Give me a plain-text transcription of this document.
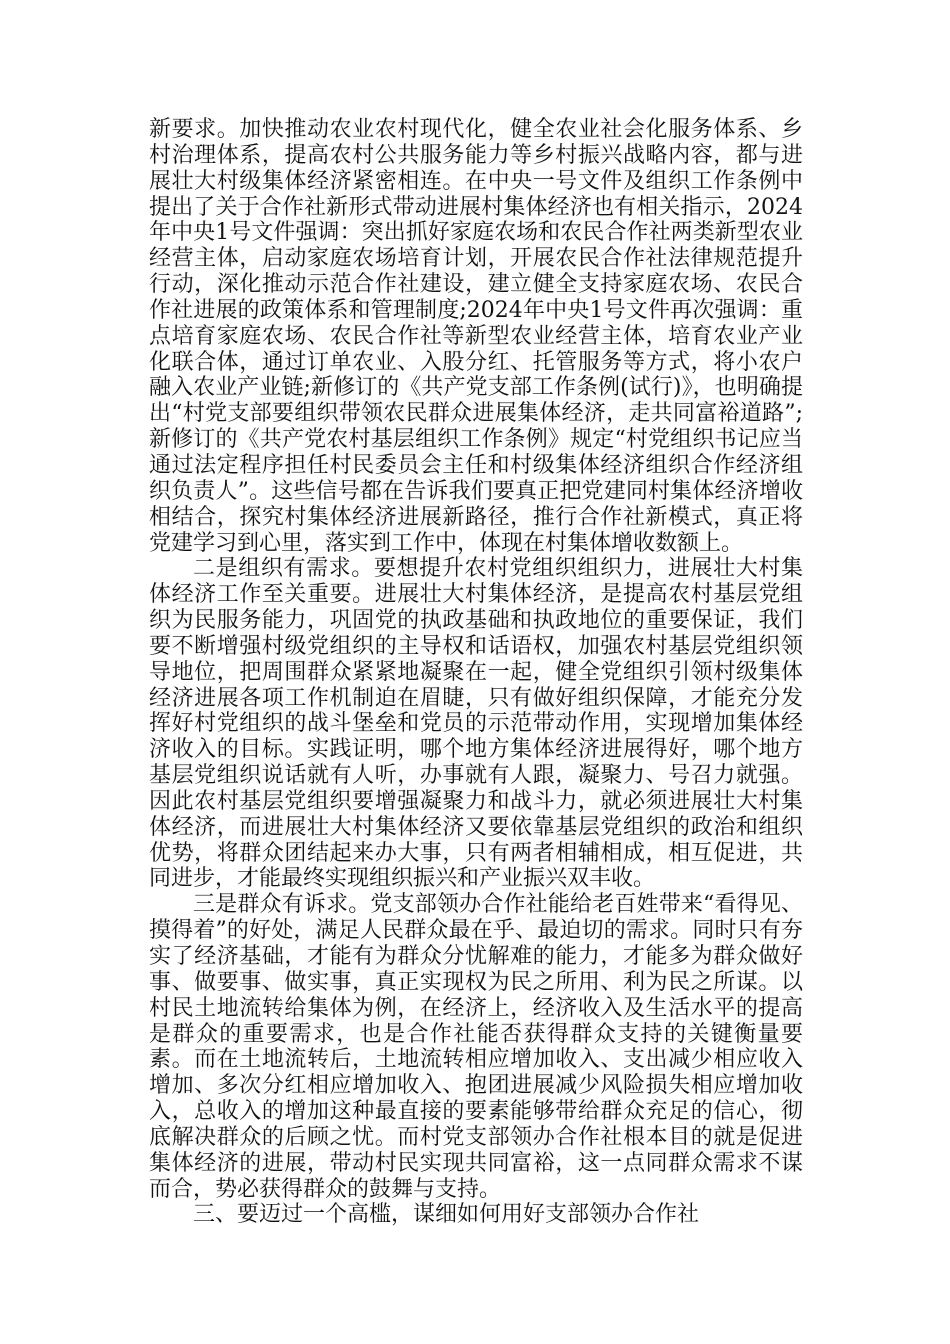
新要求。加快推动农业农村现代化，健全农业社会化服务体系、乡村治理体系，提高农村公共服务能力等乡村振兴战略内容，都与进展壮大村级集体经济紧密相连。在中央一号文件及组织工作条例中提出了关于合作社新形式带动进展村集体经济也有相关指示，2024年中央1号文件强调：突出抓好家庭农场和农民合作社两类新型农业经营主体，启动家庭农场培育计划，开展农民合作社法律规范提升行动，深化推动示范合作社建设，建立健全支持家庭农场、农民合作社进展的政策体系和管理制度;2024年中央1号文件再次强调：重点培育家庭农场、农民合作社等新型农业经营主体，培育农业产业化联合体，通过订单农业、入股分红、托管服务等方式，将小农户融入农业产业链;新修订的《共产党支部工作条例(试行)》，也明确提出“村党支部要组织带领农民群众进展集体经济，走共同富裕道路”;新修订的《共产党农村基层组织工作条例》规定“村党组织书记应当通过法定程序担任村民委员会主任和村级集体经济组织合作经济组织负责人”。这些信号都在告诉我们要真正把党建同村集体经济增收相结合，探究村集体经济进展新路径，推行合作社新模式，真正将党建学习到心里，落实到工作中，体现在村集体增收数额上。

二是组织有需求。要想提升农村党组织组织力，进展壮大村集体经济工作至关重要。进展壮大村集体经济，是提高农村基层党组织为民服务能力，巩固党的执政基础和执政地位的重要保证，我们要不断增强村级党组织的主导权和话语权，加强农村基层党组织领导地位，把周围群众紧紧地凝聚在一起，健全党组织引领村级集体经济进展各项工作机制迫在眉睫，只有做好组织保障，才能充分发挥好村党组织的战斗堡垒和党员的示范带动作用，实现增加集体经济收入的目标。实践证明，哪个地方集体经济进展得好，哪个地方基层党组织说话就有人听，办事就有人跟，凝聚力、号召力就强。因此农村基层党组织要增强凝聚力和战斗力，就必须进展壮大村集体经济，而进展壮大村集体经济又要依靠基层党组织的政治和组织优势，将群众团结起来办大事，只有两者相辅相成，相互促进，共同进步，才能最终实现组织振兴和产业振兴双丰收。

三是群众有诉求。党支部领办合作社能给老百姓带来“看得见、摸得着”的好处，满足人民群众最在乎、最迫切的需求。同时只有夯实了经济基础，才能有为群众分忧解难的能力，才能多为群众做好事、做要事、做实事，真正实现权为民之所用、利为民之所谋。以村民土地流转给集体为例，在经济上，经济收入及生活水平的提高是群众的重要需求，也是合作社能否获得群众支持的关键衡量要素。而在土地流转后，土地流转相应增加收入、支出减少相应收入增加、多次分红相应增加收入、抱团进展减少风险损失相应增加收入，总收入的增加这种最直接的要素能够带给群众充足的信心，彻底解决群众的后顾之忧。而村党支部领办合作社根本目的就是促进集体经济的进展，带动村民实现共同富裕，这一点同群众需求不谋而合，势必获得群众的鼓舞与支持。

三、要迈过一个高槛，谋细如何用好支部领办合作社
